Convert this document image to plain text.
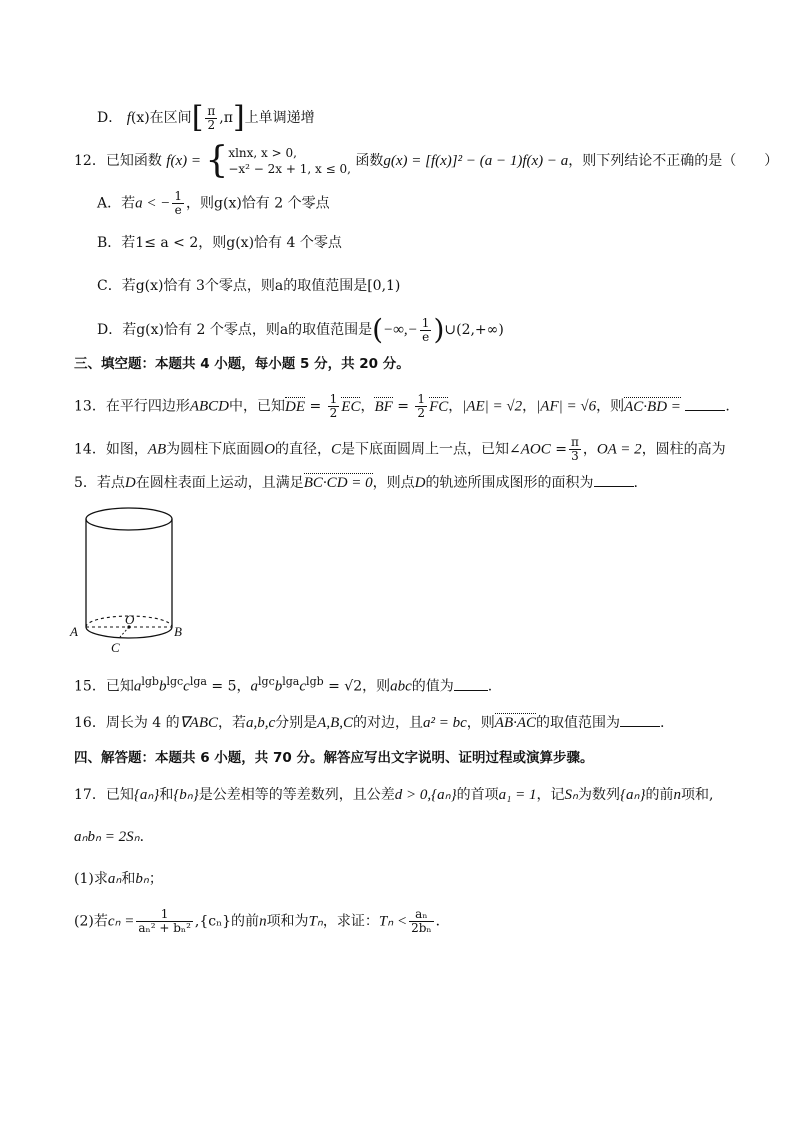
D． f(x)在区间[ $\frac{\pi}{2} ,\pi$]上单调递增
12．已知函数 f(x) = { xlnx, x > 0,
−x² − 2x + 1, x ≤ 0, 函数g(x) = [f(x)]² − (a − 1)f(x) − a，则下列结论不正确的是（　　）
A．若a < − $\frac{1}{e}$ ，则g(x)恰有 2 个零点
B．若1≤ a < 2，则g(x)恰有 4 个零点
C．若g(x)恰有 3个零点，则a的取值范围是[0,1)
D．若g(x)恰有 2 个零点，则a的取值范围是(−∞,− $\frac{1}{e}$ )∪(2,+∞)
三、填空题：本题共 4 小题，每小题 5 分，共 20 分。
13．在平行四边形ABCD中，已知DE = $\frac{1}{2}$ EC，BF = $\frac{1}{2}$ FC，|AE| = √2，|AF| = √6，则AC·BD =	.
14．如图，AB为圆柱下底面圆O的直径，C是下底面圆周上一点，已知∠AOC = $\frac{\pi}{3}$ ，OA = 2，圆柱的高为
5．若点D在圆柱表面上运动，且满足BC·CD = 0，则点D的轨迹所围成图形的面积为	.
A	B
O
C
15．已知$a^{lgb}b^{lgc}c^{lga} = 5$，$a^{lgc}b^{lga}c^{lgb} = √2$，则abc的值为 .
16．周长为 4 的∇ABC，若a,b,c分别是A,B,C的对边，且a² = bc，则AB·AC的取值范围为	.
四、解答题：本题共 6 小题，共 70 分。解答应写出文字说明、证明过程或演算步骤。
17．已知{aₙ}和{bₙ}是公差相等的等差数列，且公差d > 0,{aₙ}的首项a₁ = 1，记Sₙ为数列{aₙ}的前n项和,
aₙbₙ = 2Sₙ．
(1)求aₙ和bₙ；
(2)若$c_n = \frac{1}{\text{aₙ² + bₙ²}} ,\{c_n\}$的前n项和为Tₙ，求证：$T_n < \frac{\text{aₙ}}{\text{2bₙ}}$ ．
